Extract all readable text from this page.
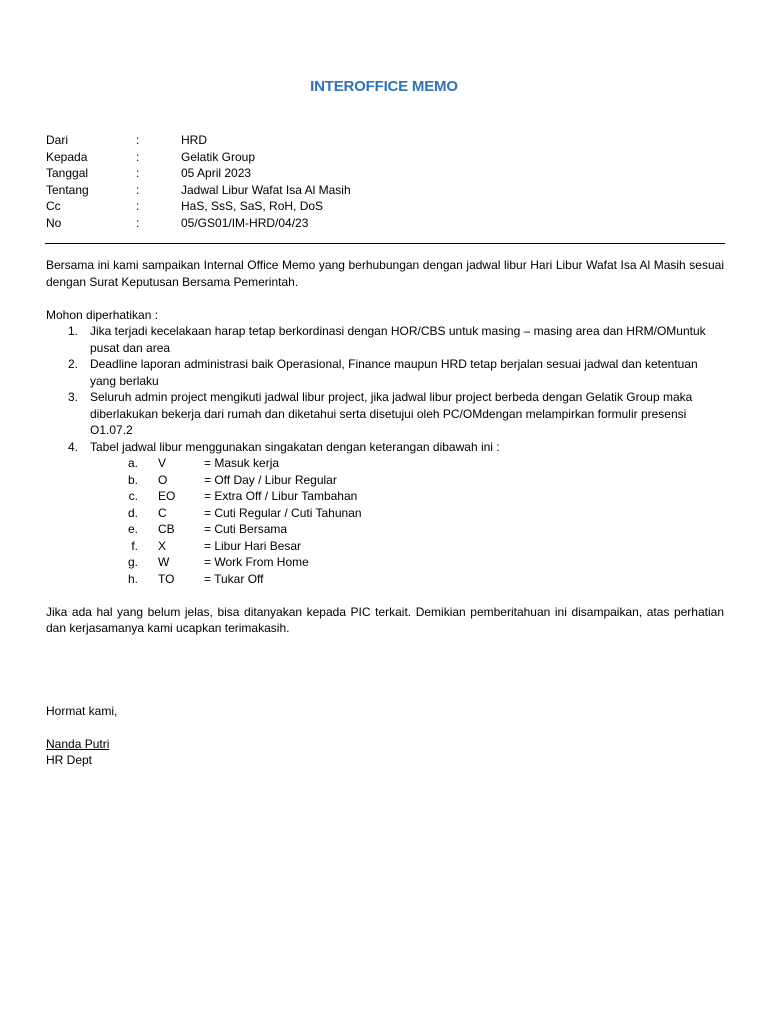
INTEROFFICE MEMO
Dari	:	HRD
Kepada	:	Gelatik Group
Tanggal	:	05 April 2023
Tentang	:	Jadwal Libur Wafat Isa Al Masih
Cc	:	HaS, SsS, SaS, RoH, DoS
No	:	05/GS01/IM-HRD/04/23

Bersama ini kami sampaikan Internal Office Memo yang berhubungan dengan jadwal libur Hari Libur Wafat Isa Al Masih sesuai dengan Surat Keputusan Bersama Pemerintah.

Mohon diperhatikan :
1. Jika terjadi kecelakaan harap tetap berkordinasi dengan HOR/CBS untuk masing – masing area dan HRM/OMuntuk pusat dan area
2. Deadline laporan administrasi baik Operasional, Finance maupun HRD tetap berjalan sesuai jadwal dan ketentuan yang berlaku
3. Seluruh admin project mengikuti jadwal libur project, jika jadwal libur project berbeda dengan Gelatik Group maka diberlakukan bekerja dari rumah dan diketahui serta disetujui oleh PC/OMdengan melampirkan formulir presensi O1.07.2
4. Tabel jadwal libur menggunakan singakatan dengan keterangan dibawah ini :
a.	V	= Masuk kerja
b.	O	= Off Day / Libur Regular
c.	EO	= Extra Off / Libur Tambahan
d.	C	= Cuti Regular / Cuti Tahunan
e.	CB	= Cuti Bersama
f.	X	= Libur Hari Besar
g.	W	= Work From Home
h.	TO	= Tukar Off

Jika ada hal yang belum jelas, bisa ditanyakan kepada PIC terkait. Demikian pemberitahuan ini disampaikan, atas perhatian dan kerjasamanya kami ucapkan terimakasih.

Hormat kami,
Nanda Putri
HR Dept
